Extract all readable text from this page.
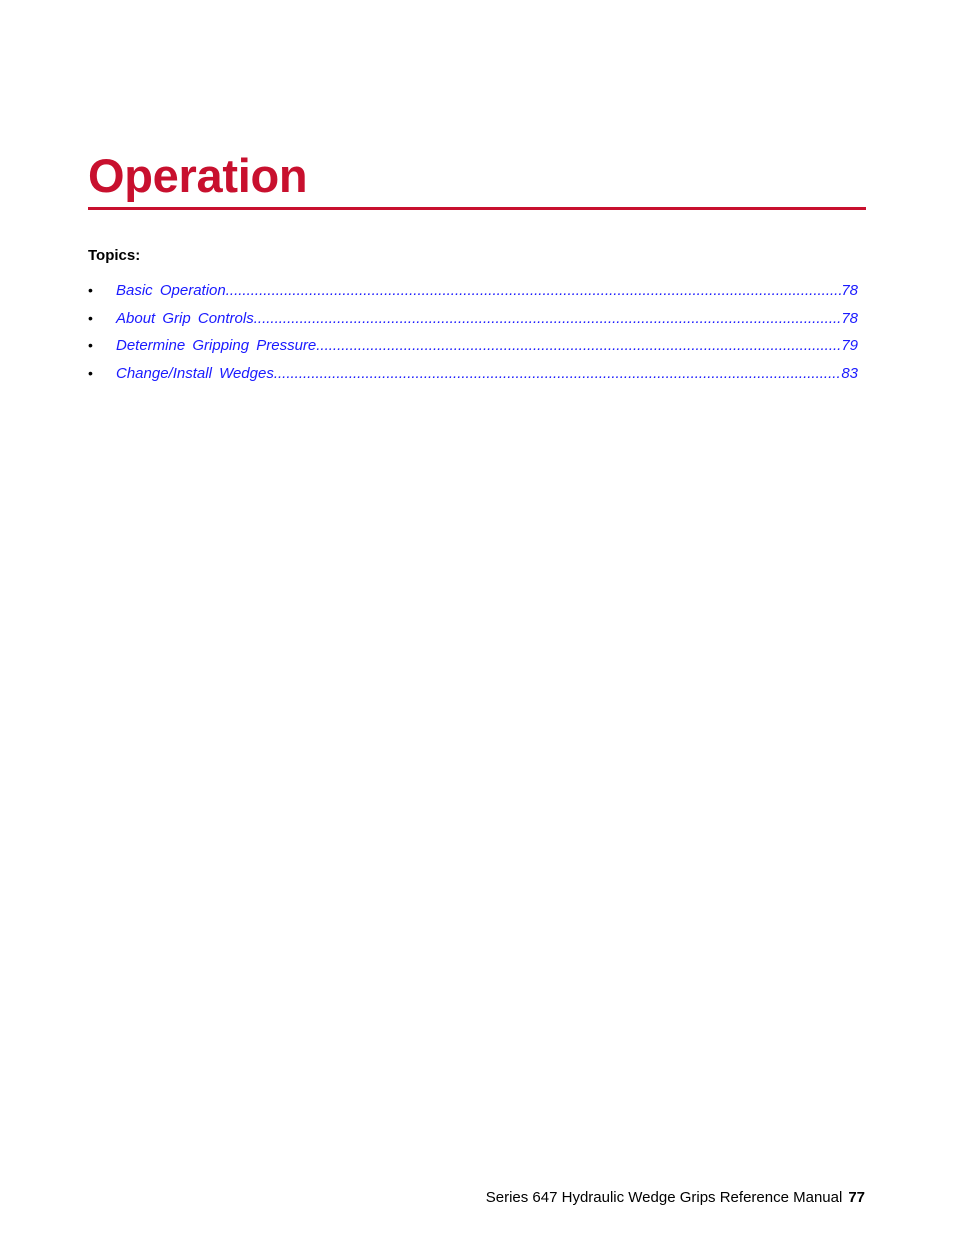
Operation

Topics:

•	Basic Operation .....	78
•	About Grip Controls .....	78
•	Determine Gripping Pressure .....	79
•	Change/Install Wedges .....	83
Series 647 Hydraulic Wedge Grips Reference Manual 77
